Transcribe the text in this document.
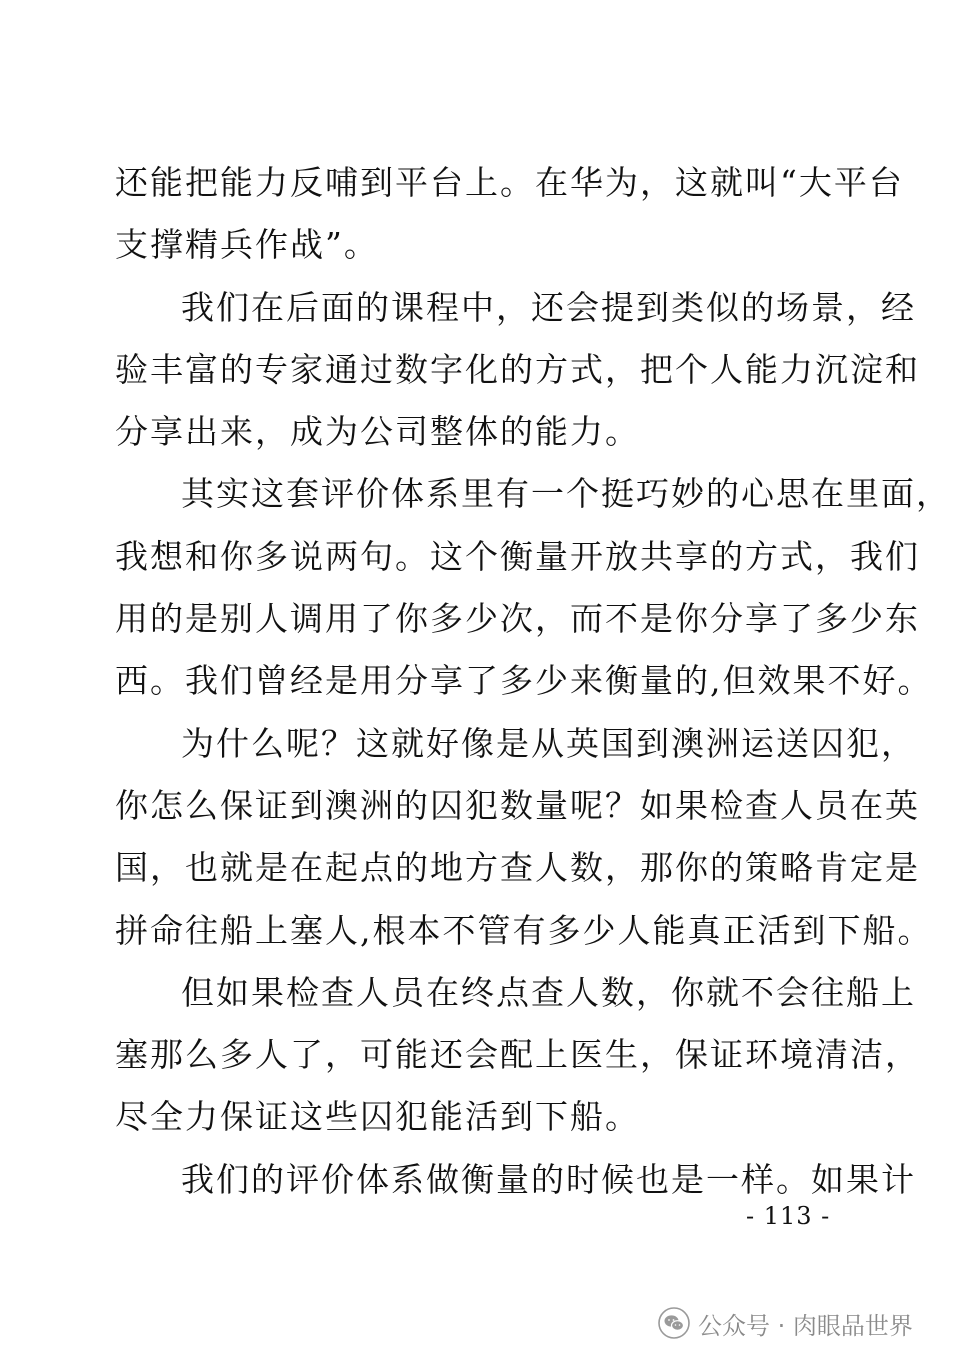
还能把能力反哺到平台上。在华为，这就叫“大平台
支撑精兵作战”。
我们在后面的课程中，还会提到类似的场景，经
验丰富的专家通过数字化的方式，把个人能力沉淀和
分享出来，成为公司整体的能力。
其实这套评价体系里有一个挺巧妙的心思在里面，
我想和你多说两句。这个衡量开放共享的方式，我们
用的是别人调用了你多少次，而不是你分享了多少东
西。我们曾经是用分享了多少来衡量的,但效果不好。
为什么呢？这就好像是从英国到澳洲运送囚犯，
你怎么保证到澳洲的囚犯数量呢？如果检查人员在英
国，也就是在起点的地方查人数，那你的策略肯定是
拼命往船上塞人,根本不管有多少人能真正活到下船。
但如果检查人员在终点查人数，你就不会往船上
塞那么多人了，可能还会配上医生，保证环境清洁，
尽全力保证这些囚犯能活到下船。
我们的评价体系做衡量的时候也是一样。如果计
- 113 -
公众号 · 肉眼品世界
